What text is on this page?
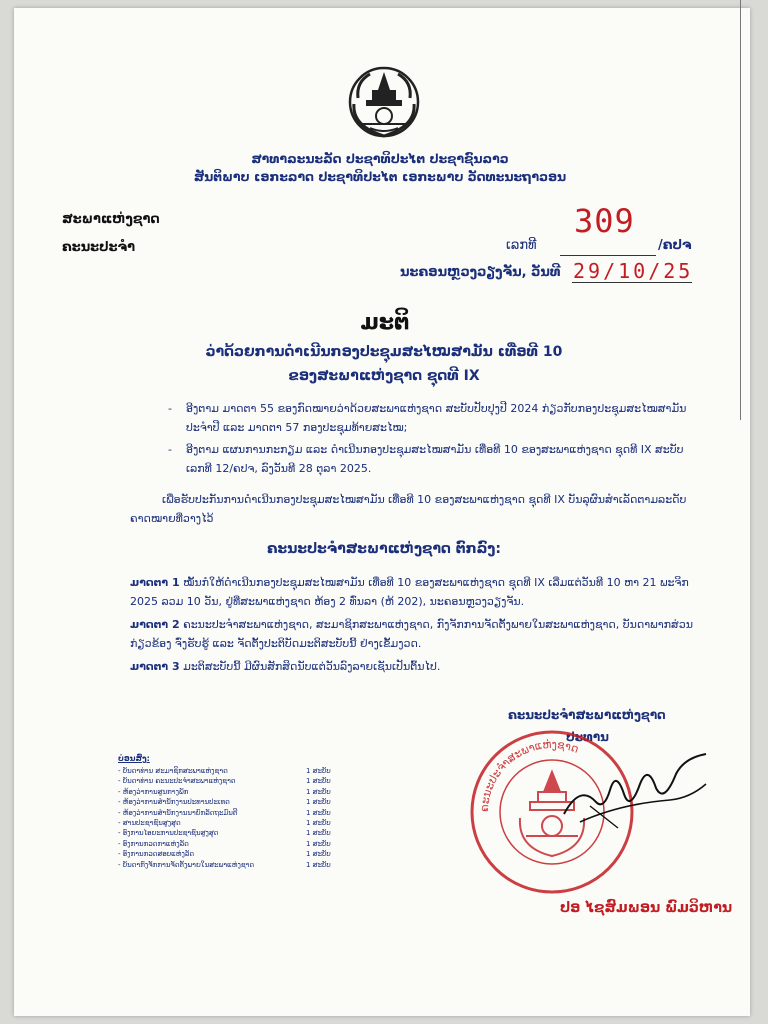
ສາທາລະນະລັດ ປະຊາທິປະໄຕ ປະຊາຊົນລາວ
ສັນຕິພາບ ເອກະລາດ ປະຊາທິປະໄຕ ເອກະພາບ ວັດທະນະຖາວອນ
ສະພາແຫ່ງຊາດ
ຄະນະປະຈຳ	ເລກທີ
309
/ຄປຈ
ນະຄອນຫຼວງວຽງຈັນ, ວັນທີ 29/10/25
ມະຕິ
ວ່າດ້ວຍການດຳເນີນກອງປະຊຸມສະໄໝສາມັນ ເທື່ອທີ 10
ຂອງສະພາແຫ່ງຊາດ ຊຸດທີ IX
- ອີງຕາມ ມາດຕາ 55 ຂອງກົດໝາຍວ່າດ້ວຍສະພາແຫ່ງຊາດ ສະບັບປັບປຸງປີ 2024 ກ່ຽວກັບກອງປະຊຸມສະໄໝສາມັນປະຈຳປີ ແລະ ມາດຕາ 57 ກອງປະຊຸມທ້າຍສະໄໝ;
- ອີງຕາມ ແຜນການກະກຽມ ແລະ ດຳເນີນກອງປະຊຸມສະໄໝສາມັນ ເທື່ອທີ 10 ຂອງສະພາແຫ່ງຊາດ ຊຸດທີ IX ສະບັບເລກທີ 12/ຄປຈ, ລົງວັນທີ 28 ຕຸລາ 2025.
ເພື່ອຮັບປະກັນການດຳເນີນກອງປະຊຸມສະໄໝສາມັນ ເທື່ອທີ 10 ຂອງສະພາແຫ່ງຊາດ ຊຸດທີ IX ບັນລຸຜົນສຳເລັດຕາມລະດັບຄາດໝາຍທີ່ວາງໄວ້
ຄະນະປະຈຳສະພາແຫ່ງຊາດ ຕົກລົງ:
ມາດຕາ 1 ໝັ້ນກໍໃຫ້ດຳເນີນກອງປະຊຸມສະໄໝສາມັນ ເທື່ອທີ 10 ຂອງສະພາແຫ່ງຊາດ ຊຸດທີ IX ເລີ່ມແຕ່ວັນທີ 10 ຫາ 21 ພະຈິກ 2025 ລວມ 10 ວັນ, ຢູ່ທີ່ສະພາແຫ່ງຊາດ ຫ້ອງ 2 ທົ່ນລາ (ຫ້ 202), ນະຄອນຫຼວງວຽງຈັນ.
ມາດຕາ 2 ຄະນະປະຈຳສະພາແຫ່ງຊາດ, ສະມາຊິກສະພາແຫ່ງຊາດ, ກົງຈັກການຈັດຕັ້ງພາຍໃນສະພາແຫ່ງຊາດ, ບັນດາພາກສ່ວນກ່ຽວຂ້ອງ ຈົ່ງຮັບຮູ້ ແລະ ຈັດຕັ້ງປະຕິບັດມະຕິສະບັບນີ້ ຢ່າງເຂັ້ມງວດ.
ມາດຕາ 3 ມະຕິສະບັບນີ້ ມີຜົນສັກສິດນັບແຕ່ວັນລົງລາຍເຊັນເປັນຕົ້ນໄປ.
ຄະນະປະຈຳສະພາແຫ່ງຊາດ
ປະທານ
ຄະນະປະຈຳສະພາແຫ່ງຊາດ
ປອ ໄຊສົມພອນ ພົມວິຫານ
ບ່ອນສົ່ງ:
- ບັນດາທ່ານ ສະມາຊິກສະພາແຫ່ງຊາດ	1 ສະບັບ
- ບັນດາທ່ານ ຄະນະປະຈຳສະພາແຫ່ງຊາດ	1 ສະບັບ
- ຫ້ອງວ່າການສູນກາງພັກ	1 ສະບັບ
- ຫ້ອງວ່າການສຳນັກງານປະທານປະເທດ	1 ສະບັບ
- ຫ້ອງວ່າການສຳນັກງານນາຍົກລັດຖະມົນຕີ	1 ສະບັບ
- ສານປະຊາຊົນສູງສຸດ	1 ສະບັບ
- ອົງການໄອຍະການປະຊາຊົນສູງສຸດ	1 ສະບັບ
- ອົງການກວດກາແຫ່ງລັດ	1 ສະບັບ
- ອົງການກວດສອບແຫ່ງລັດ	1 ສະບັບ
- ບັນດາກົງຈັກການຈັດຕັ້ງພາຍໃນສະພາແຫ່ງຊາດ	1 ສະບັບ
